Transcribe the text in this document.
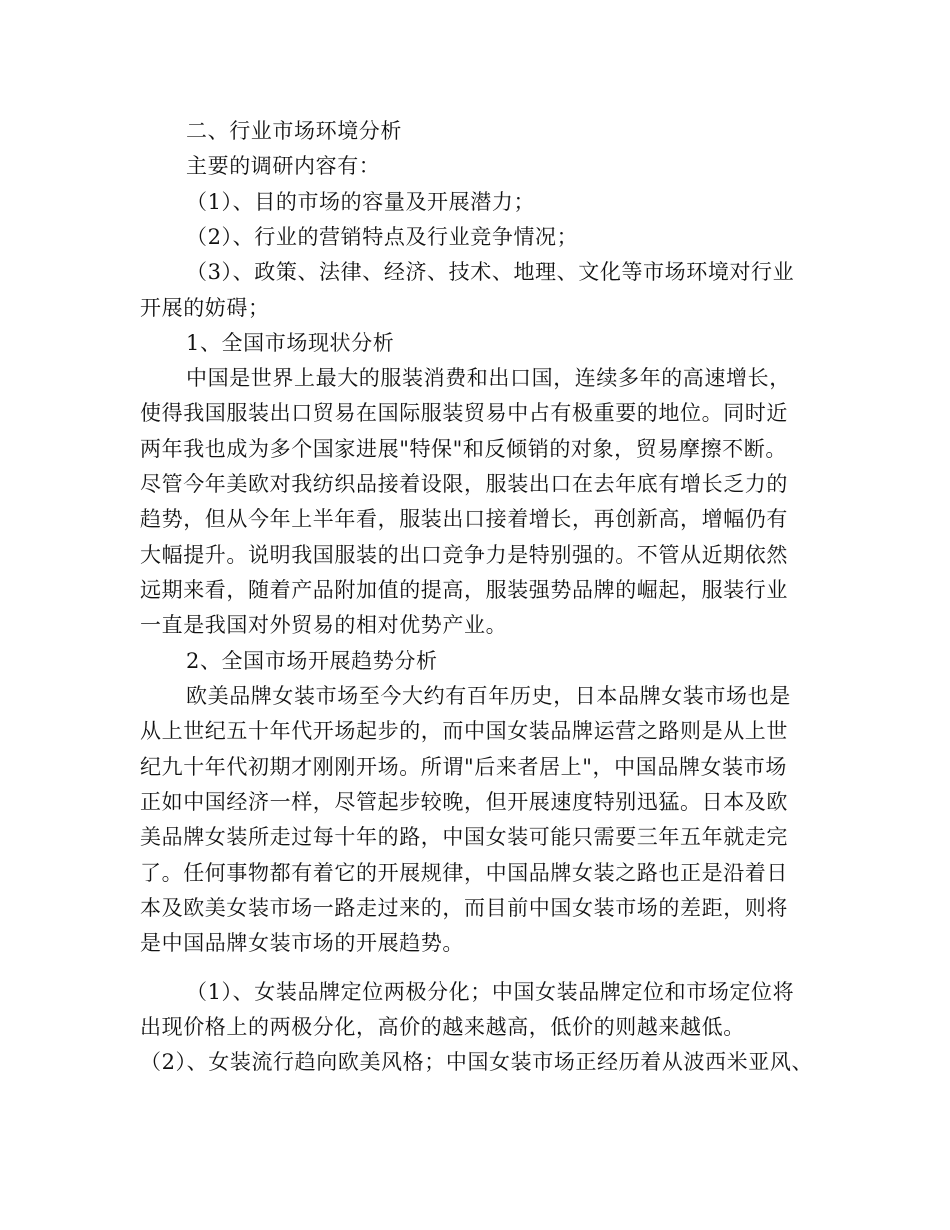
二、行业市场环境分析
主要的调研内容有：
（1）、目的市场的容量及开展潜力；
（2）、行业的营销特点及行业竞争情况；
（3）、政策、法律、经济、技术、地理、文化等市场环境对行业
开展的妨碍；
1、全国市场现状分析
中国是世界上最大的服装消费和出口国，连续多年的高速增长，
使得我国服装出口贸易在国际服装贸易中占有极重要的地位。同时近
两年我也成为多个国家进展"特保"和反倾销的对象，贸易摩擦不断。
尽管今年美欧对我纺织品接着设限，服装出口在去年底有增长乏力的
趋势，但从今年上半年看，服装出口接着增长，再创新高，增幅仍有
大幅提升。说明我国服装的出口竞争力是特别强的。不管从近期依然
远期来看，随着产品附加值的提高，服装强势品牌的崛起，服装行业
一直是我国对外贸易的相对优势产业。
2、全国市场开展趋势分析
欧美品牌女装市场至今大约有百年历史，日本品牌女装市场也是
从上世纪五十年代开场起步的，而中国女装品牌运营之路则是从上世
纪九十年代初期才刚刚开场。所谓"后来者居上"，中国品牌女装市场
正如中国经济一样，尽管起步较晚，但开展速度特别迅猛。日本及欧
美品牌女装所走过每十年的路，中国女装可能只需要三年五年就走完
了。任何事物都有着它的开展规律，中国品牌女装之路也正是沿着日
本及欧美女装市场一路走过来的，而目前中国女装市场的差距，则将
是中国品牌女装市场的开展趋势。
（1）、女装品牌定位两极分化；中国女装品牌定位和市场定位将
出现价格上的两极分化，高价的越来越高，低价的则越来越低。
（2）、女装流行趋向欧美风格；中国女装市场正经历着从波西米亚风、
